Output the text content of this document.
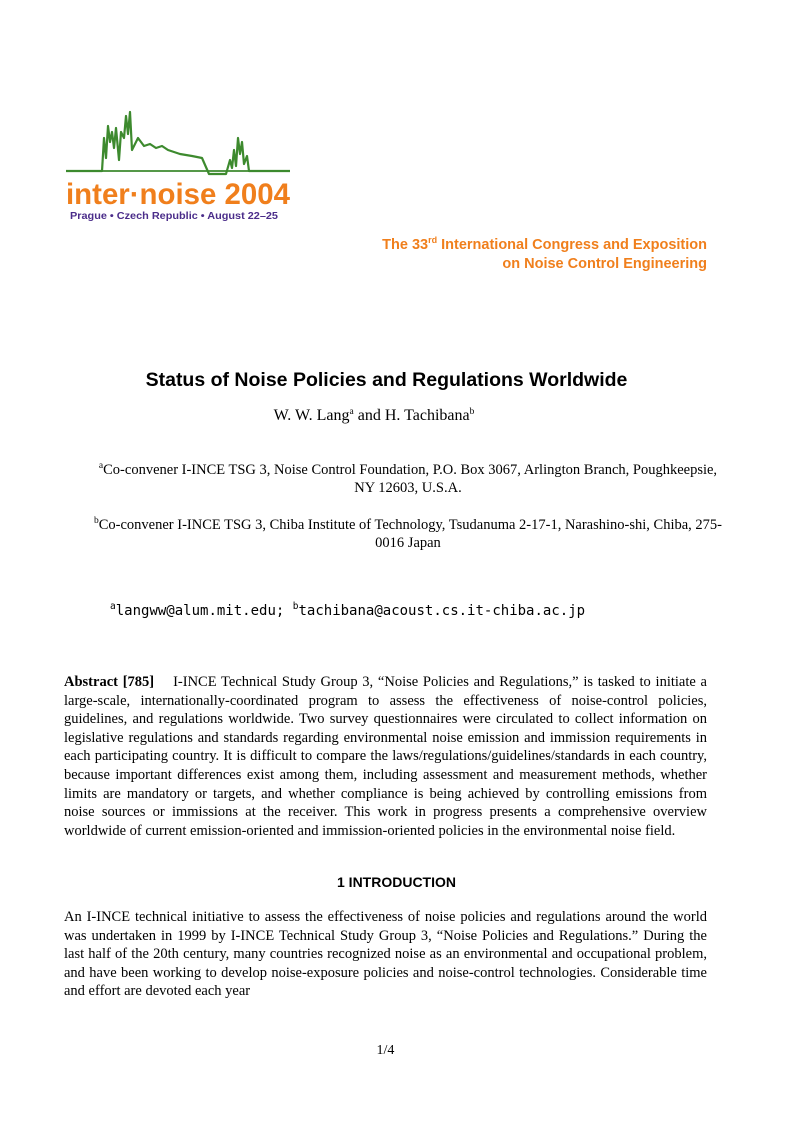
inter·noise 2004
Prague • Czech Republic • August 22–25
The 33rd International Congress and Exposition
on Noise Control Engineering
Status of Noise Policies and Regulations Worldwide
W. W. Lang$^a$ and H. Tachibana$^b$
$^a$Co-convener I-INCE TSG 3, Noise Control Foundation, P.O. Box 3067, Arlington Branch, Poughkeepsie, NY 12603, U.S.A.
$^b$Co-convener I-INCE TSG 3, Chiba Institute of Technology, Tsudanuma 2-17-1, Narashino-shi, Chiba, 275-0016 Japan
$^a$langww@alum.mit.edu; $^b$tachibana@acoust.cs.it-chiba.ac.jp
Abstract [785] I-INCE Technical Study Group 3, “Noise Policies and Regulations,” is tasked to initiate a large-scale, internationally-coordinated program to assess the effectiveness of noise-control policies, guidelines, and regulations worldwide. Two survey questionnaires were circulated to collect information on legislative regulations and standards regarding environmental noise emission and immission requirements in each participating country. It is difficult to compare the laws/regulations/guidelines/standards in each country, because important differences exist among them, including assessment and measurement methods, whether limits are mandatory or targets, and whether compliance is being achieved by controlling emissions from noise sources or immissions at the receiver. This work in progress presents a comprehensive overview worldwide of current emission-oriented and immission-oriented policies in the environmental noise field.
1 INTRODUCTION
An I-INCE technical initiative to assess the effectiveness of noise policies and regulations around the world was undertaken in 1999 by I-INCE Technical Study Group 3, “Noise Policies and Regulations.” During the last half of the 20th century, many countries recognized noise as an environmental and occupational problem, and have been working to develop noise-exposure policies and noise-control technologies. Considerable time and effort are devoted each year
1/4
